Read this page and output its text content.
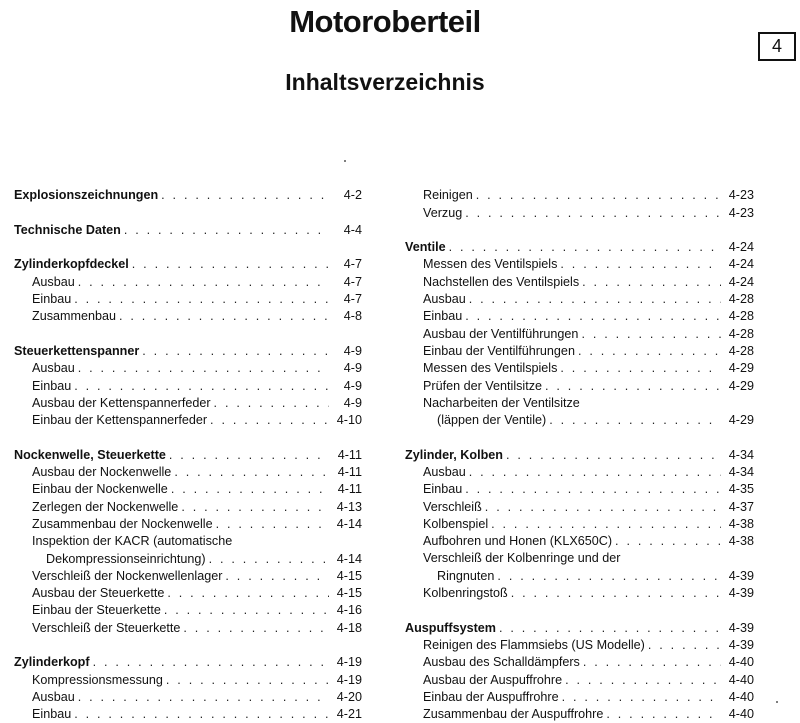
Motoroberteil
Inhaltsverzeichnis
4
Explosionszeichnungen . . .	4-2
Technische Daten . . .	4-4
Zylinderkopfdeckel . . .	4-7
Ausbau . . .	4-7
Einbau . . .	4-7
Zusammenbau . . .	4-8
Steuerkettenspanner . . .	4-9
Ausbau . . .	4-9
Einbau . . .	4-9
Ausbau der Kettenspannerfeder . . .	4-9
Einbau der Kettenspannerfeder . . .	4-10
Nockenwelle, Steuerkette . . .	4-11
Ausbau der Nockenwelle . . .	4-11
Einbau der Nockenwelle . . .	4-11
Zerlegen der Nockenwelle . . .	4-13
Zusammenbau der Nockenwelle . . .	4-14
Inspektion der KACR (automatische
Dekompressionseinrichtung) . . .	4-14
Verschleiß der Nockenwellenlager . . .	4-15
Ausbau der Steuerkette . . .	4-15
Einbau der Steuerkette . . .	4-16
Verschleiß der Steuerkette . . .	4-18
Zylinderkopf . . .	4-19
Kompressionsmessung . . .	4-19
Ausbau . . .	4-20
Einbau . . .	4-21
Reinigen . . .	4-23
Verzug . . .	4-23
Ventile . . .	4-24
Messen des Ventilspiels . . .	4-24
Nachstellen des Ventilspiels . . .	4-24
Ausbau . . .	4-28
Einbau . . .	4-28
Ausbau der Ventilführungen . . .	4-28
Einbau der Ventilführungen . . .	4-28
Messen des Ventilspiels . . .	4-29
Prüfen der Ventilsitze . . .	4-29
Nacharbeiten der Ventilsitze
(läppen der Ventile) . . .	4-29
Zylinder, Kolben . . .	4-34
Ausbau . . .	4-34
Einbau . . .	4-35
Verschleiß . . .	4-37
Kolbenspiel . . .	4-38
Aufbohren und Honen (KLX650C) . . .	4-38
Verschleiß der Kolbenringe und der
Ringnuten . . .	4-39
Kolbenringstoß . . .	4-39
Auspuffsystem . . .	4-39
Reinigen des Flammsiebs (US Modelle) . . .	4-39
Ausbau des Schalldämpfers . . .	4-40
Ausbau der Auspuffrohre . . .	4-40
Einbau der Auspuffrohre . . .	4-40
Zusammenbau der Auspuffrohre . . .	4-40
